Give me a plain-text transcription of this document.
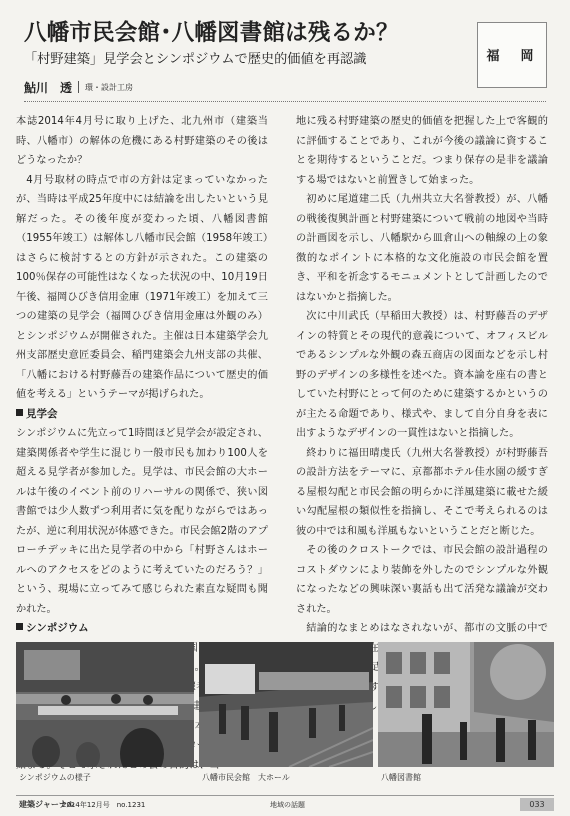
八幡市民会館･八幡図書館は残るか？
「村野建築」見学会とシンポジウムで歴史的価値を再認識	福　岡
鮎川　透 環・設計工房

本誌2014年4月号に取り上げた、北九州市（建築当時、八幡市）の解体の危機にある村野建築のその後はどうなったか？

4月号取材の時点で市の方針は定まっていなかったが、当時は平成25年度中には結論を出したいという見解だった。その後年度が変わった頃、八幡図書館（1955年竣工）は解体し八幡市民会館（1958年竣工）はさらに検討するとの方針が示された。この建築の100％保存の可能性はなくなった状況の中、10月19日午後、福岡ひびき信用金庫（1971年竣工）を加えて三つの建築の見学会（福岡ひびき信用金庫は外観のみ）とシンポジウムが開催された。主催は日本建築学会九州支部歴史意匠委員会、稲門建築会九州支部の共催、「八幡における村野藤吾の建築作品について歴史的価値を考える」というテーマが掲げられた。

見学会

シンポジウムに先立って1時間ほど見学会が設定され、建築関係者や学生に混じり一般市民も加わり100人を超える見学者が参加した。見学は、市民会館の大ホールは午後のイベント前のリハーサルの関係で、狭い図書館では少人数ずつ利用者に気を配りながらではあったが、逆に利用状況が体感できた。市民会館2階のアプローチデッキに出た見学者の中から「村野さんはホールへのアクセスをどのように考えていたのだろう？」という、現場に立ってみて感じられた素直な疑問も聞かれた。

シンポジウム

地に残る村野建築の歴史的価値を把握した上で客観的に評価することであり、これが今後の議論に資することを期待するということだ。つまり保存の是非を議論する場ではないと前置きして始まった。

初めに尾道建二氏（九州共立大名誉教授）が、八幡の戦後復興計画と村野建築について戦前の地図や当時の計画図を示し、八幡駅から皿倉山への軸線の上の象徴的なポイントに本格的な文化施設の市民会館を置き、平和を祈念するモニュメントとして計画したのではないかと指摘した。

次に中川武氏（早稲田大教授）は、村野藤吾のデザインの特質とその現代的意義について、オフィスビルであるシンプルな外観の森五商店の図面などを示し村野のデザインの多様性を述べた。資本論を座右の書としていた村野にとって何のために建築するかというのが主たる命題であり、様式や、まして自分自身を表に出すようなデザインの一貫性はないと指摘した。

終わりに福田晴虔氏（九州大名誉教授）が村野藤吾の設計方法をテーマに、京都都ホテル佳水園の緩すぎる屋根勾配と市民会館の明らかに洋風建築に載せた緩い勾配屋根の類似性を指摘し、そこで考えられるのは彼の中では和風も洋風もないということだと断じた。

その後のクロストークでは、市民会館の設計過程のコストダウンにより装飾を外したのでシンプルな外観になったなどの興味深い裏話も出て活発な議論が交わされた。

結論的なまとめはなされないが、都市の文脈の中で 在 足 す

シンポジウムの様子	八幡市民会館　大ホール	八幡図書館
建築ジャーナル
2014年12月号　no.1231	地域の話題	033
